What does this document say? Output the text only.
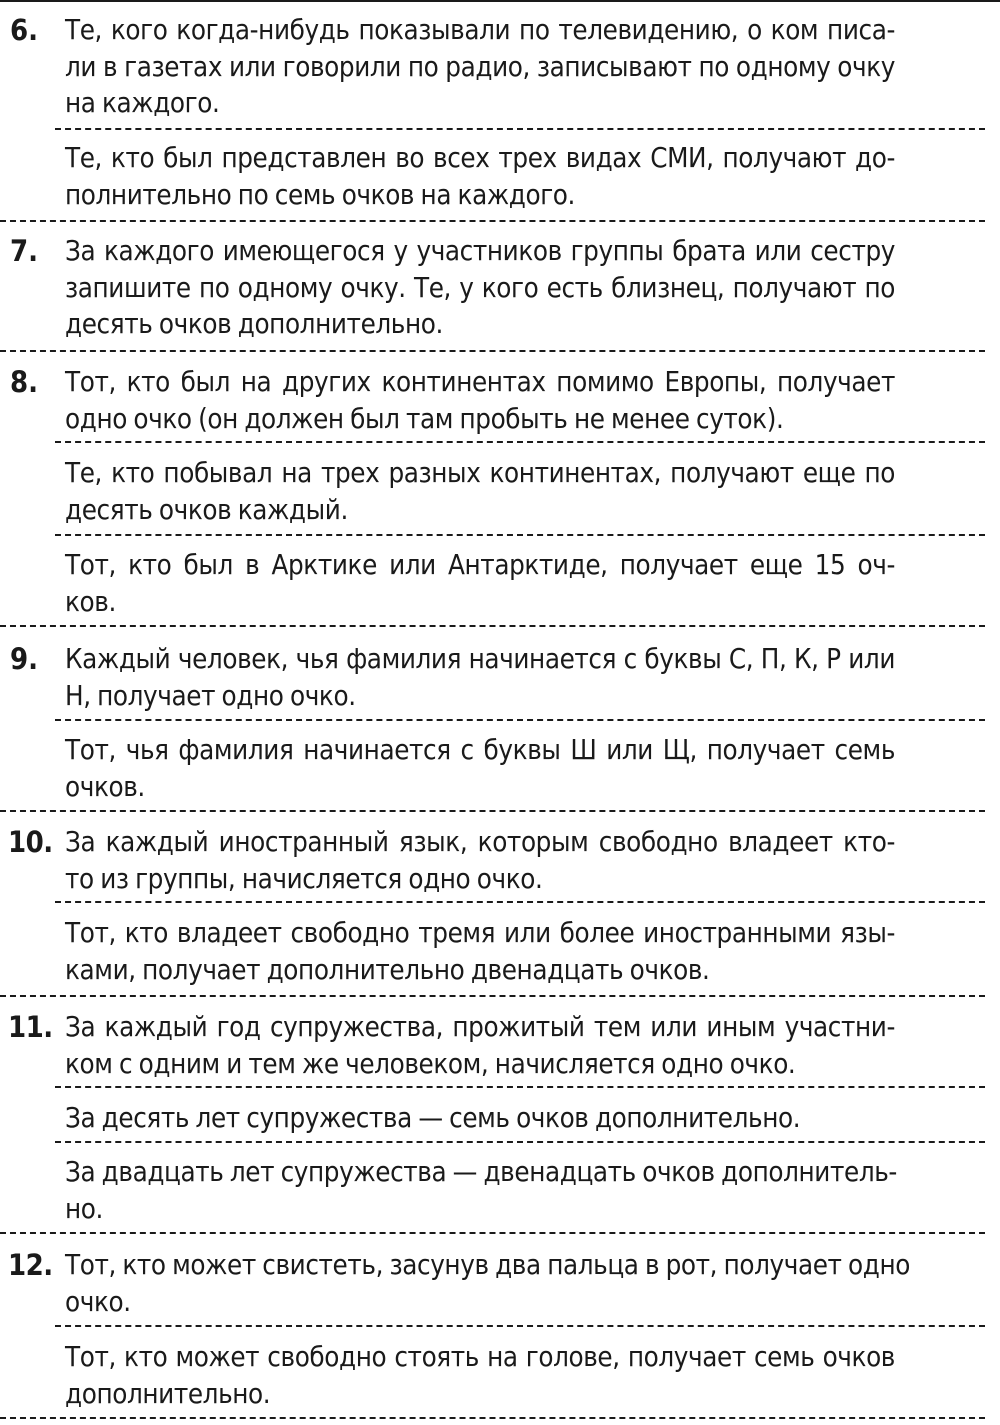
6. Те, кого когда-нибудь показывали по телевидению, о ком писа-
ли в газетах или говорили по радио, записывают по одному очку
на каждого.
Те, кто был представлен во всех трех видах СМИ, получают до-
полнительно по семь очков на каждого.
7. За каждого имеющегося у участников группы брата или сестру
запишите по одному очку. Те, у кого есть близнец, получают по
десять очков дополнительно.
8. Тот, кто был на других континентах помимо Европы, получает
одно очко (он должен был там пробыть не менее суток).
Те, кто побывал на трех разных континентах, получают еще по
десять очков каждый.
Тот, кто был в Арктике или Антарктиде, получает еще 15 оч-
ков.
9. Каждый человек, чья фамилия начинается с буквы С, П, К, Р или
Н, получает одно очко.
Тот, чья фамилия начинается с буквы Ш или Щ, получает семь
очков.
10. За каждый иностранный язык, которым свободно владеет кто-
то из группы, начисляется одно очко.
Тот, кто владеет свободно тремя или более иностранными язы-
ками, получает дополнительно двенадцать очков.
11. За каждый год супружества, прожитый тем или иным участни-
ком с одним и тем же человеком, начисляется одно очко.
За десять лет супружества — семь очков дополнительно.
За двадцать лет супружества — двенадцать очков дополнитель-
но.
12. Тот, кто может свистеть, засунув два пальца в рот, получает одно
очко.
Тот, кто может свободно стоять на голове, получает семь очков
дополнительно.
